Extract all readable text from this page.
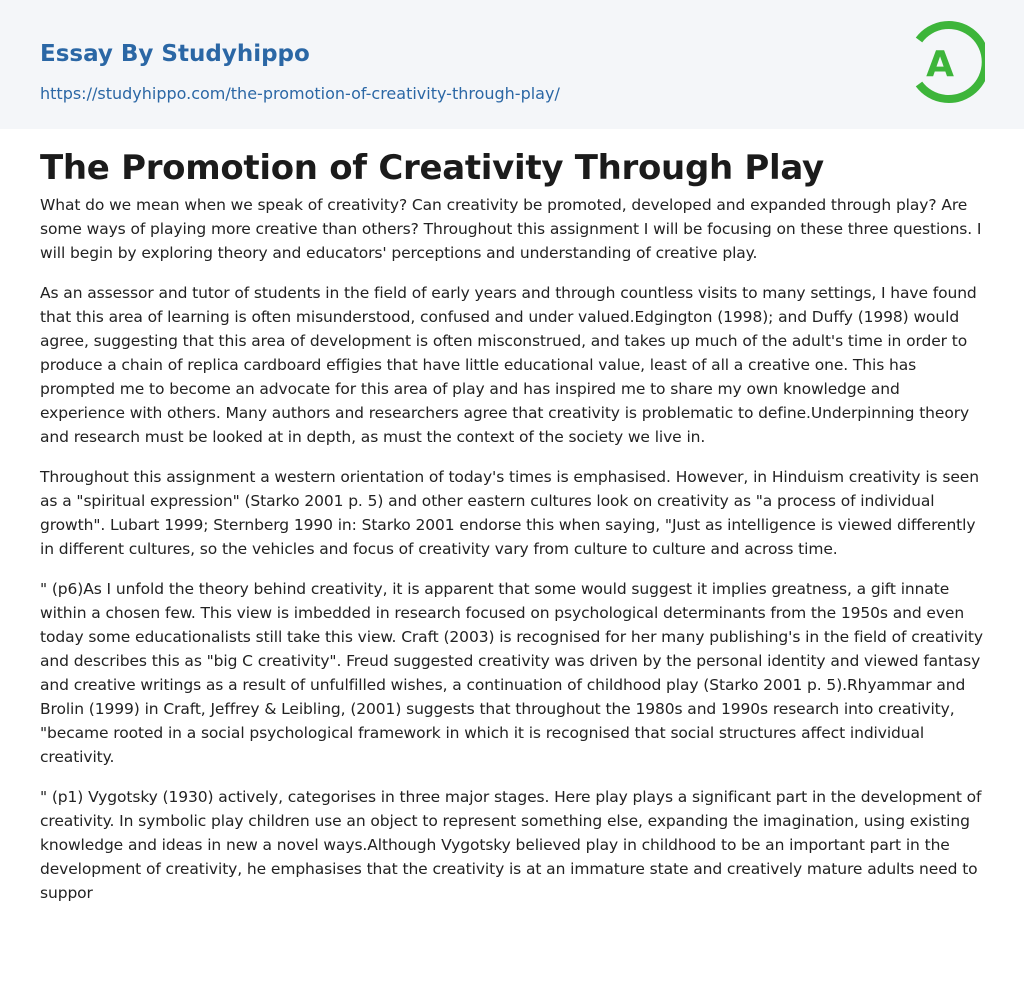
Essay By Studyhippo
https://studyhippo.com/the-promotion-of-creativity-through-play/
A
The Promotion of Creativity Through Play

What do we mean when we speak of creativity? Can creativity be promoted, developed and expanded through play? Are some ways of playing more creative than others? Throughout this assignment I will be focusing on these three questions. I will begin by exploring theory and educators' perceptions and understanding of creative play.

As an assessor and tutor of students in the field of early years and through countless visits to many settings, I have found that this area of learning is often misunderstood, confused and under valued.Edgington (1998); and Duffy (1998) would agree, suggesting that this area of development is often misconstrued, and takes up much of the adult's time in order to produce a chain of replica cardboard effigies that have little educational value, least of all a creative one. This has prompted me to become an advocate for this area of play and has inspired me to share my own knowledge and experience with others. Many authors and researchers agree that creativity is problematic to define.Underpinning theory and research must be looked at in depth, as must the context of the society we live in.

Throughout this assignment a western orientation of today's times is emphasised. However, in Hinduism creativity is seen as a "spiritual expression" (Starko 2001 p. 5) and other eastern cultures look on creativity as "a process of individual growth". Lubart 1999; Sternberg 1990 in: Starko 2001 endorse this when saying, "Just as intelligence is viewed differently in different cultures, so the vehicles and focus of creativity vary from culture to culture and across time.

" (p6)As I unfold the theory behind creativity, it is apparent that some would suggest it implies greatness, a gift innate within a chosen few. This view is imbedded in research focused on psychological determinants from the 1950s and even today some educationalists still take this view. Craft (2003) is recognised for her many publishing's in the field of creativity and describes this as "big C creativity". Freud suggested creativity was driven by the personal identity and viewed fantasy and creative writings as a result of unfulfilled wishes, a continuation of childhood play (Starko 2001 p. 5).Rhyammar and Brolin (1999) in Craft, Jeffrey & Leibling, (2001) suggests that throughout the 1980s and 1990s research into creativity, "became rooted in a social psychological framework in which it is recognised that social structures affect individual creativity.

" (p1) Vygotsky (1930) actively, categorises in three major stages. Here play plays a significant part in the development of creativity. In symbolic play children use an object to represent something else, expanding the imagination, using existing knowledge and ideas in new a novel ways.Although Vygotsky believed play in childhood to be an important part in the development of creativity, he emphasises that the creativity is at an immature state and creatively mature adults need to suppor
